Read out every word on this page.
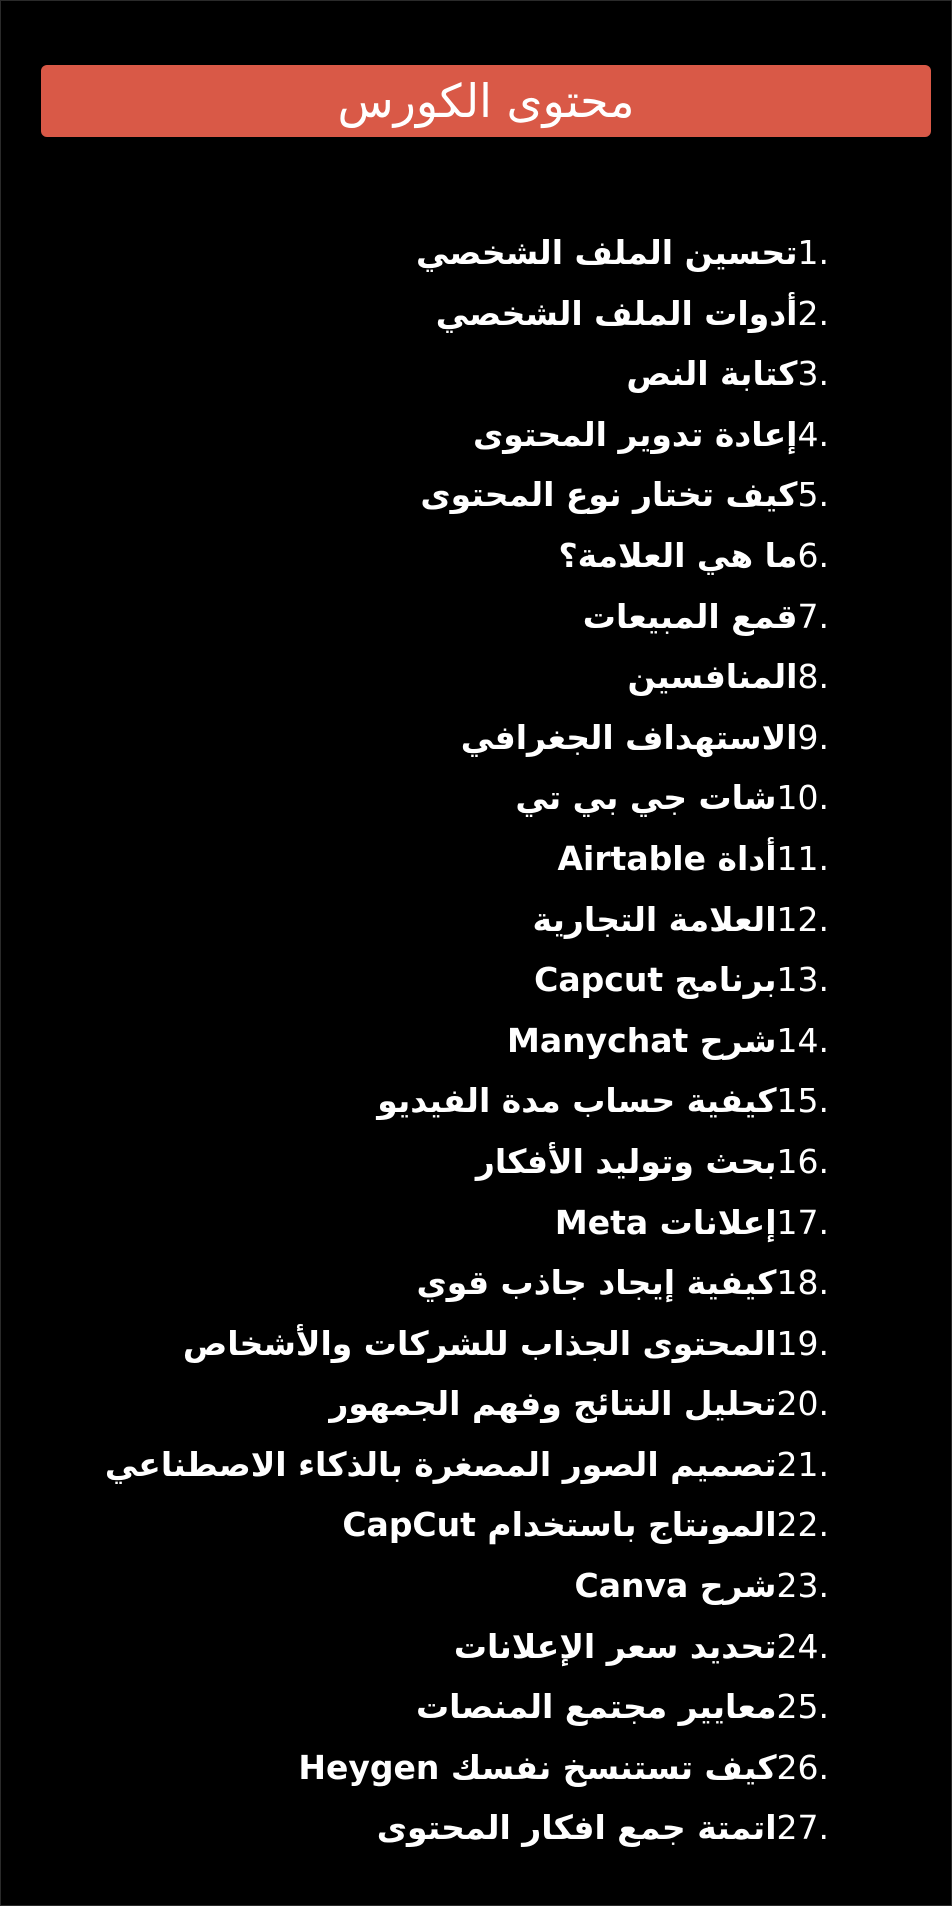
محتوى الكورس
1.تحسين الملف الشخصي
2.أدوات الملف الشخصي
3.كتابة النص
4.إعادة تدوير المحتوى
5.كيف تختار نوع المحتوى
6.ما هي العلامة؟
7.قمع المبيعات
8.المنافسين
9.الاستهداف الجغرافي
10.شات جي بي تي
11.أداة Airtable
12.العلامة التجارية
13.برنامج Capcut
14.شرح Manychat
15.كيفية حساب مدة الفيديو
16.بحث وتوليد الأفكار
17.إعلانات Meta
18.كيفية إيجاد جاذب قوي
19.المحتوى الجذاب للشركات والأشخاص
20.تحليل النتائج وفهم الجمهور
21.تصميم الصور المصغرة بالذكاء الاصطناعي
22.المونتاج باستخدام CapCut
23.شرح Canva
24.تحديد سعر الإعلانات
25.معايير مجتمع المنصات
26.كيف تستنسخ نفسك Heygen
27.اتمتة جمع افكار المحتوى
